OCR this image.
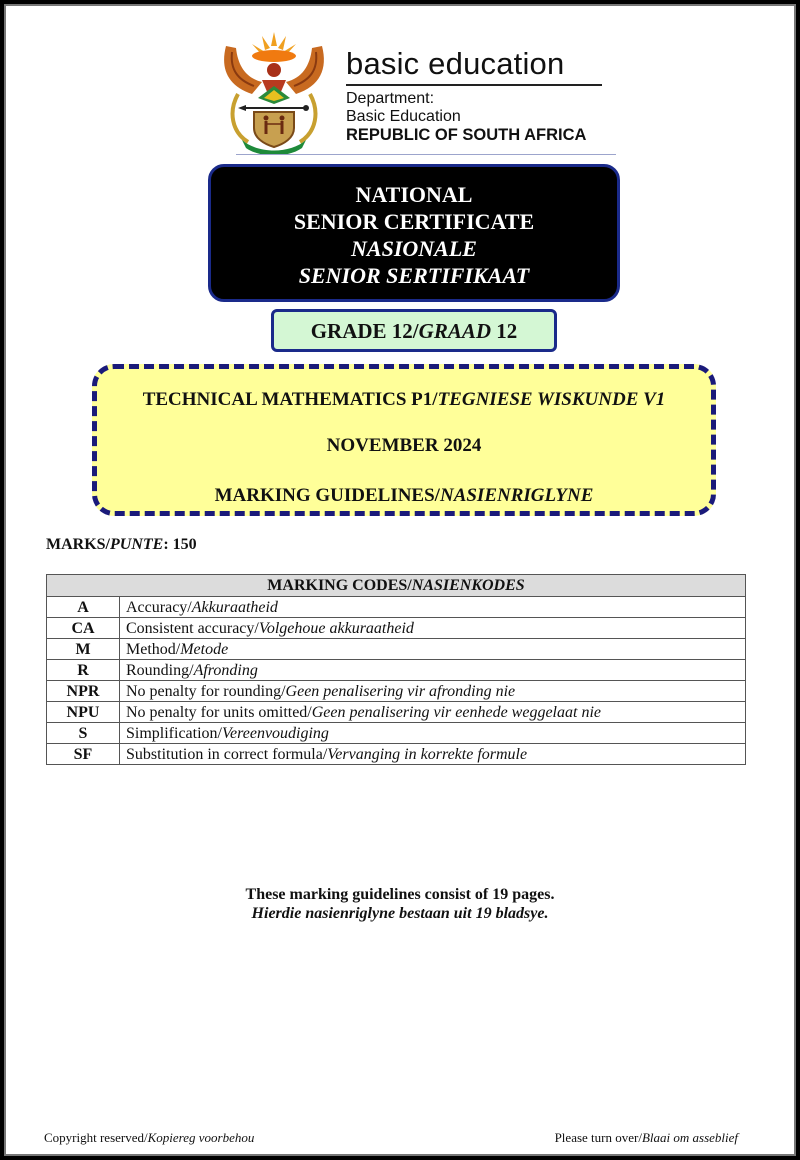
basic education
Department:
Basic Education
REPUBLIC OF SOUTH AFRICA
NATIONAL
SENIOR CERTIFICATE
NASIONALE
SENIOR SERTIFIKAAT
GRADE 12/GRAAD 12
TECHNICAL MATHEMATICS P1/TEGNIESE WISKUNDE V1
NOVEMBER 2024
MARKING GUIDELINES/NASIENRIGLYNE
MARKS/PUNTE: 150
MARKING CODES/NASIENKODES	
A	Accuracy/Akkuraatheid
CA	Consistent accuracy/Volgehoue akkuraatheid
M	Method/Metode
R	Rounding/Afronding
NPR	No penalty for rounding/Geen penalisering vir afronding nie
NPU	No penalty for units omitted/Geen penalisering vir eenhede weggelaat nie
S	Simplification/Vereenvoudiging
SF	Substitution in correct formula/Vervanging in korrekte formule
These marking guidelines consist of 19 pages.
Hierdie nasienriglyne bestaan uit 19 bladsye.
Copyright reserved/Kopiereg voorbehou	Please turn over/Blaai om asseblief
